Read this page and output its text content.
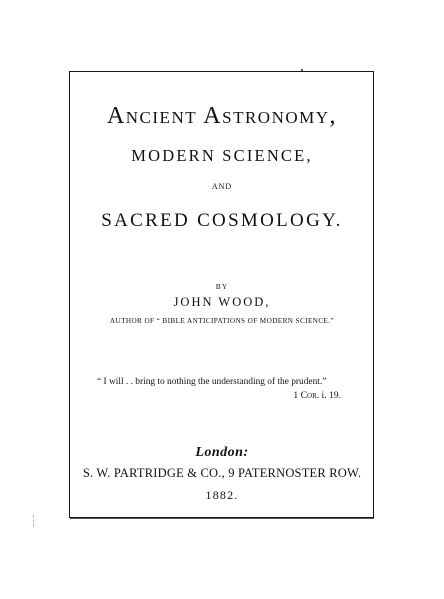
Ancient Astronomy,

MODERN SCIENCE,

AND

SACRED COSMOLOGY.

BY

JOHN WOOD,

AUTHOR OF “ BIBLE ANTICIPATIONS OF MODERN SCIENCE.”

“ I will . . bring to nothing the understanding of the prudent.”

1 Cor. i. 19.

London:

S. W. PARTRIDGE & CO., 9 PATERNOSTER ROW.

1882.
